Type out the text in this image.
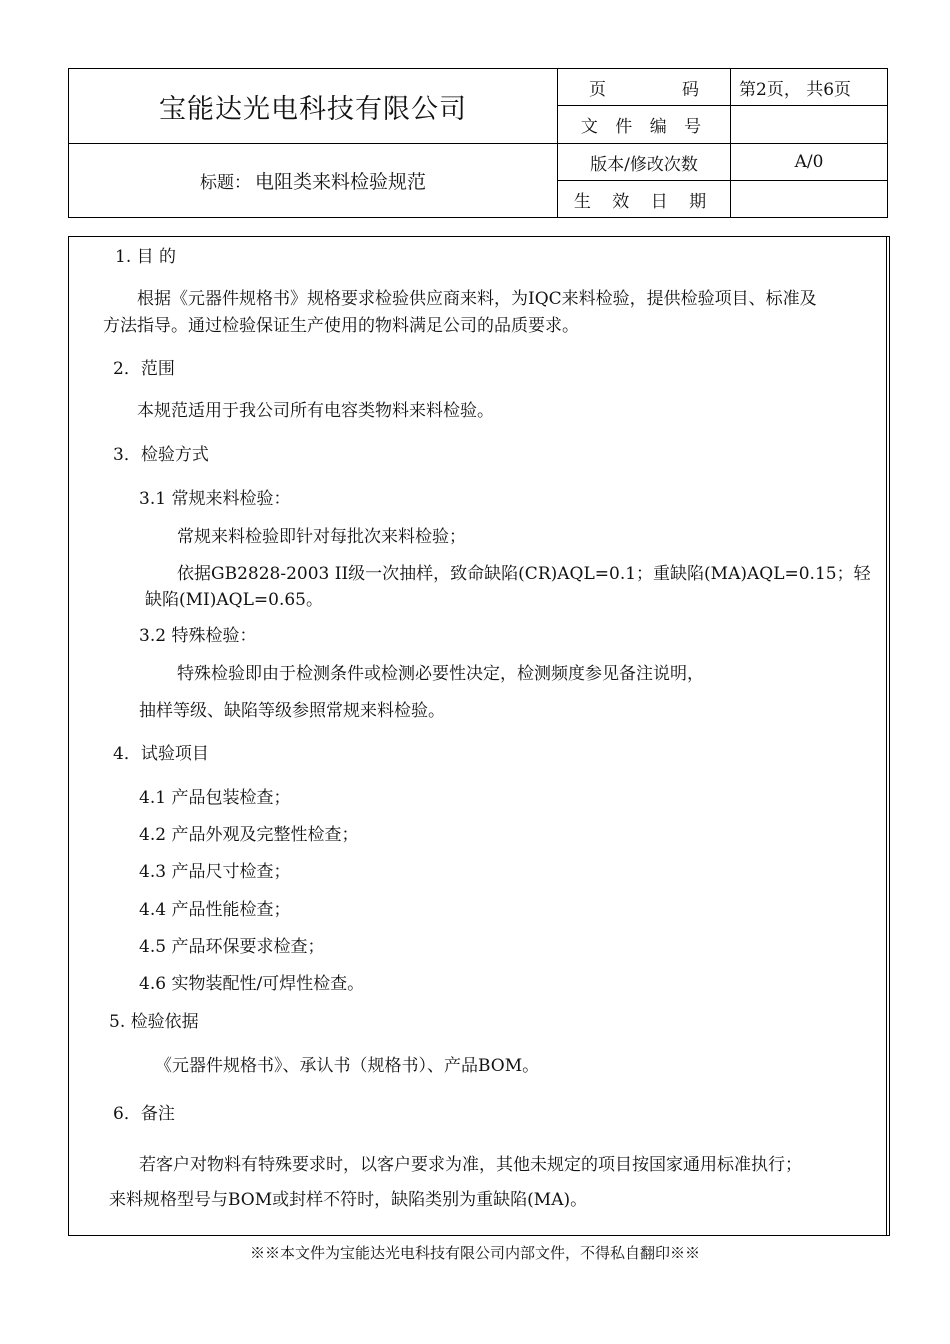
宝能达光电科技有限公司
标题： 电阻类来料检验规范
页	码 第2页， 共6页
文 件 编 号
版本/修改次数	A/0
生 效 日 期
1. 目 的
根据《元器件规格书》规格要求检验供应商来料，为IQC来料检验，提供检验项目、标准及
方法指导。通过检验保证生产使用的物料满足公司的品质要求。
2．范围
本规范适用于我公司所有电容类物料来料检验。
3．检验方式
3.1 常规来料检验：
常规来料检验即针对每批次来料检验；
依据GB2828-2003 II级一次抽样，致命缺陷(CR)AQL=0.1；重缺陷(MA)AQL=0.15；轻
缺陷(MI)AQL=0.65。
3.2 特殊检验：
特殊检验即由于检测条件或检测必要性决定，检测频度参见备注说明，
抽样等级、缺陷等级参照常规来料检验。
4．试验项目
4.1 产品包装检查；
4.2 产品外观及完整性检查；
4.3 产品尺寸检查；
4.4 产品性能检查；
4.5 产品环保要求检查；
4.6 实物装配性/可焊性检查。
5. 检验依据
《元器件规格书》、承认书（规格书）、产品BOM。
6．备注
若客户对物料有特殊要求时，以客户要求为准，其他未规定的项目按国家通用标准执行；
来料规格型号与BOM或封样不符时，缺陷类别为重缺陷(MA)。
※※本文件为宝能达光电科技有限公司内部文件，不得私自翻印※※
